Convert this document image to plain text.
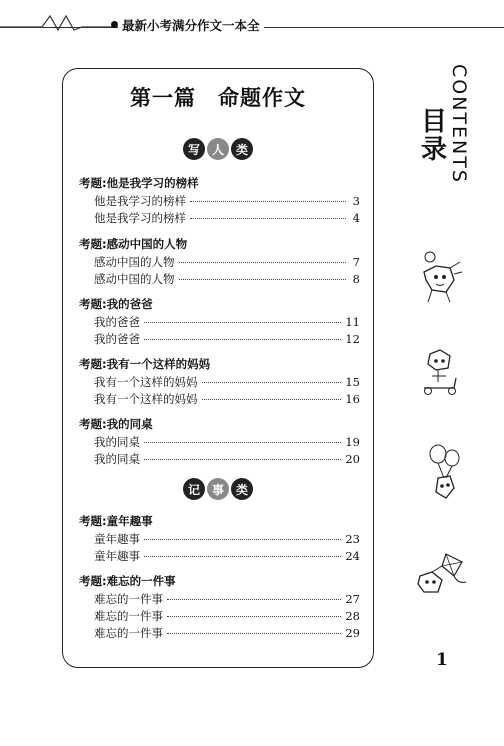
最新小考满分作文一本全
第一篇　命题作文
写 人 类
考题:他是我学习的榜样
他是我学习的榜样	3
他是我学习的榜样	4
考题:感动中国的人物
感动中国的人物	7
感动中国的人物	8
考题:我的爸爸
我的爸爸	11
我的爸爸	12
考题:我有一个这样的妈妈
我有一个这样的妈妈	15
我有一个这样的妈妈	16
考题:我的同桌
我的同桌	19
我的同桌	20
记 事 类
考题:童年趣事
童年趣事	23
童年趣事	24
考题:难忘的一件事
难忘的一件事	27
难忘的一件事	28
难忘的一件事	29
CONTENTS
目
录
1
